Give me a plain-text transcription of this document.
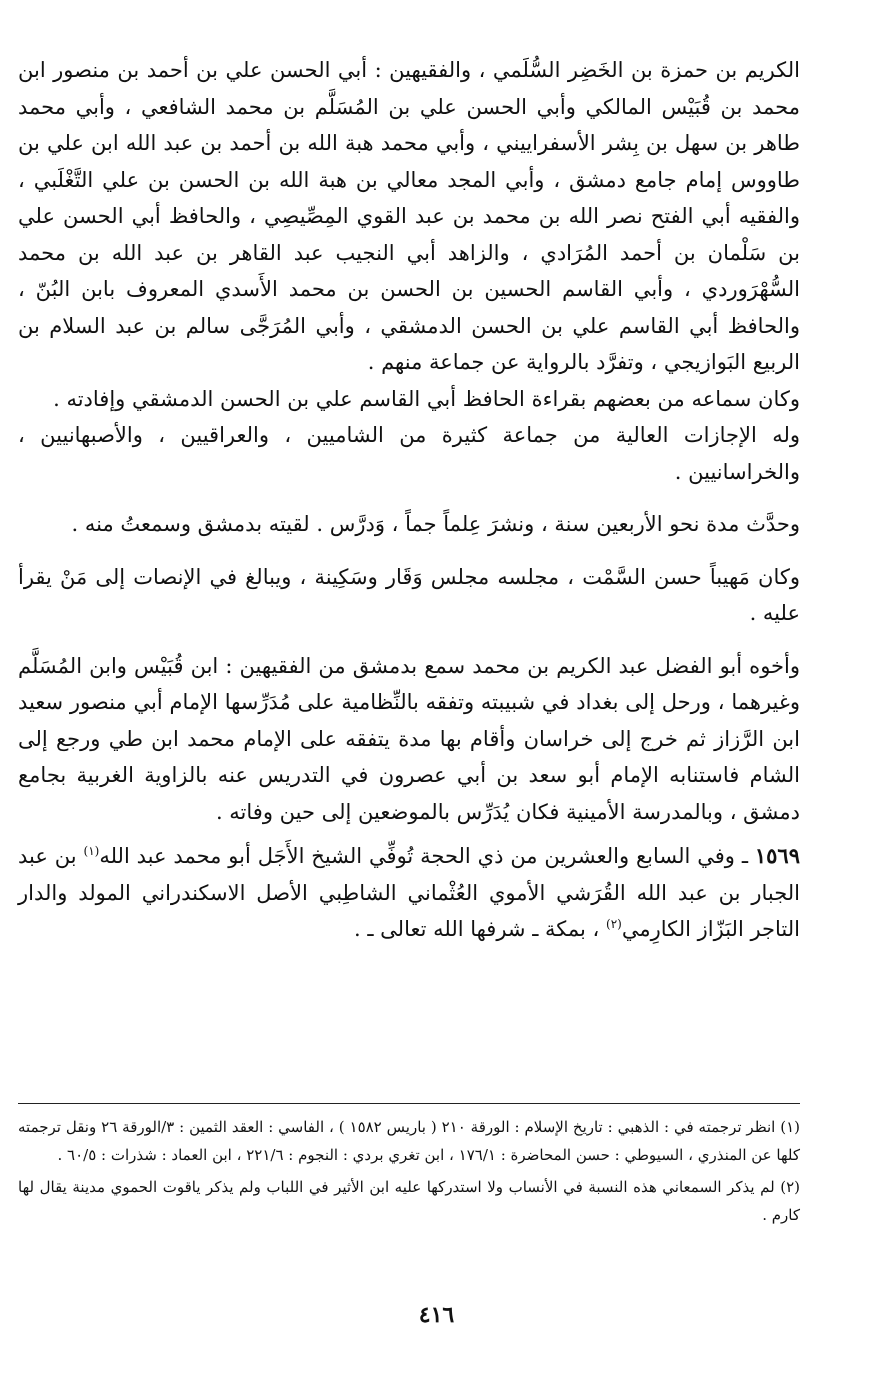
الكريم بن حمزة بن الخَضِر السُّلَمي ، والفقيهين : أبي الحسن علي بن أحمد بن منصور ابن محمد بن قُبَيْس المالكي وأبي الحسن علي بن المُسَلَّم بن محمد الشافعي ، وأبي محمد طاهر بن سهل بن بِشر الأسفراييني ، وأبي محمد هبة الله بن أحمد بن عبد الله ابن علي بن طاووس إمام جامع دمشق ، وأبي المجد معالي بن هبة الله بن الحسن بن علي التَّغْلَبي ، والفقيه أبي الفتح نصر الله بن محمد بن عبد القوي المِصِّيصِي ، والحافظ أبي الحسن علي بن سَلْمان بن أحمد المُرَادي ، والزاهد أبي النجيب عبد القاهر بن عبد الله بن محمد السُّهْرَوردي ، وأبي القاسم الحسين بن الحسن بن محمد الأَسدي المعروف بابن البُنّ ، والحافظ أبي القاسم علي بن الحسن الدمشقي ، وأبي المُرَجَّى سالم بن عبد السلام بن الربيع البَوازيجي ، وتفرَّد بالرواية عن جماعة منهم .

وكان سماعه من بعضهم بقراءة الحافظ أبي القاسم علي بن الحسن الدمشقي وإفادته .

وله الإجازات العالية من جماعة كثيرة من الشاميين ، والعراقيين ، والأصبهانيين ، والخراسانيين .

وحدَّث مدة نحو الأربعين سنة ، ونشرَ عِلماً جماً ، وَدرَّس . لقيته بدمشق وسمعتُ منه .

وكان مَهيباً حسن السَّمْت ، مجلسه مجلس وَقَار وسَكِينة ، ويبالغ في الإنصات إلى مَنْ يقرأ عليه .

وأخوه أبو الفضل عبد الكريم بن محمد سمع بدمشق من الفقيهين : ابن قُبَيْس وابن المُسَلَّم وغيرهما ، ورحل إلى بغداد في شبيبته وتفقه بالنِّظامية على مُدَرِّسها الإمام أبي منصور سعيد ابن الرَّزاز ثم خرج إلى خراسان وأقام بها مدة يتفقه على الإمام محمد ابن طي ورجع إلى الشام فاستنابه الإمام أبو سعد بن أبي عصرون في التدريس عنه بالزاوية الغربية بجامع دمشق ، وبالمدرسة الأمينية فكان يُدَرِّس بالموضعين إلى حين وفاته .

١٥٦٩ ـ وفي السابع والعشرين من ذي الحجة تُوفِّي الشيخ الأَجَل أبو محمد عبد الله$^{(١)}$ بن عبد الجبار بن عبد الله القُرَشي الأموي العُثْماني الشاطِبي الأصل الاسكندراني المولد والدار التاجر البَزّاز الكارِمي$^{(٢)}$ ، بمكة ـ شرفها الله تعالى ـ .

(١) انظر ترجمته في : الذهبي : تاريخ الإسلام : الورقة ٢١٠ ( باريس ١٥٨٢ ) ، الفاسي : العقد الثمين : ٣/الورقة ٢٦ ونقل ترجمته كلها عن المنذري ، السيوطي : حسن المحاضرة : ١٧٦/١ ، ابن تغري بردي : النجوم : ٢٢١/٦ ، ابن العماد : شذرات : ٦٠/٥ .

(٢) لم يذكر السمعاني هذه النسبة في الأنساب ولا استدركها عليه ابن الأثير في اللباب ولم يذكر ياقوت الحموي مدينة يقال لها كارم .

٤١٦
